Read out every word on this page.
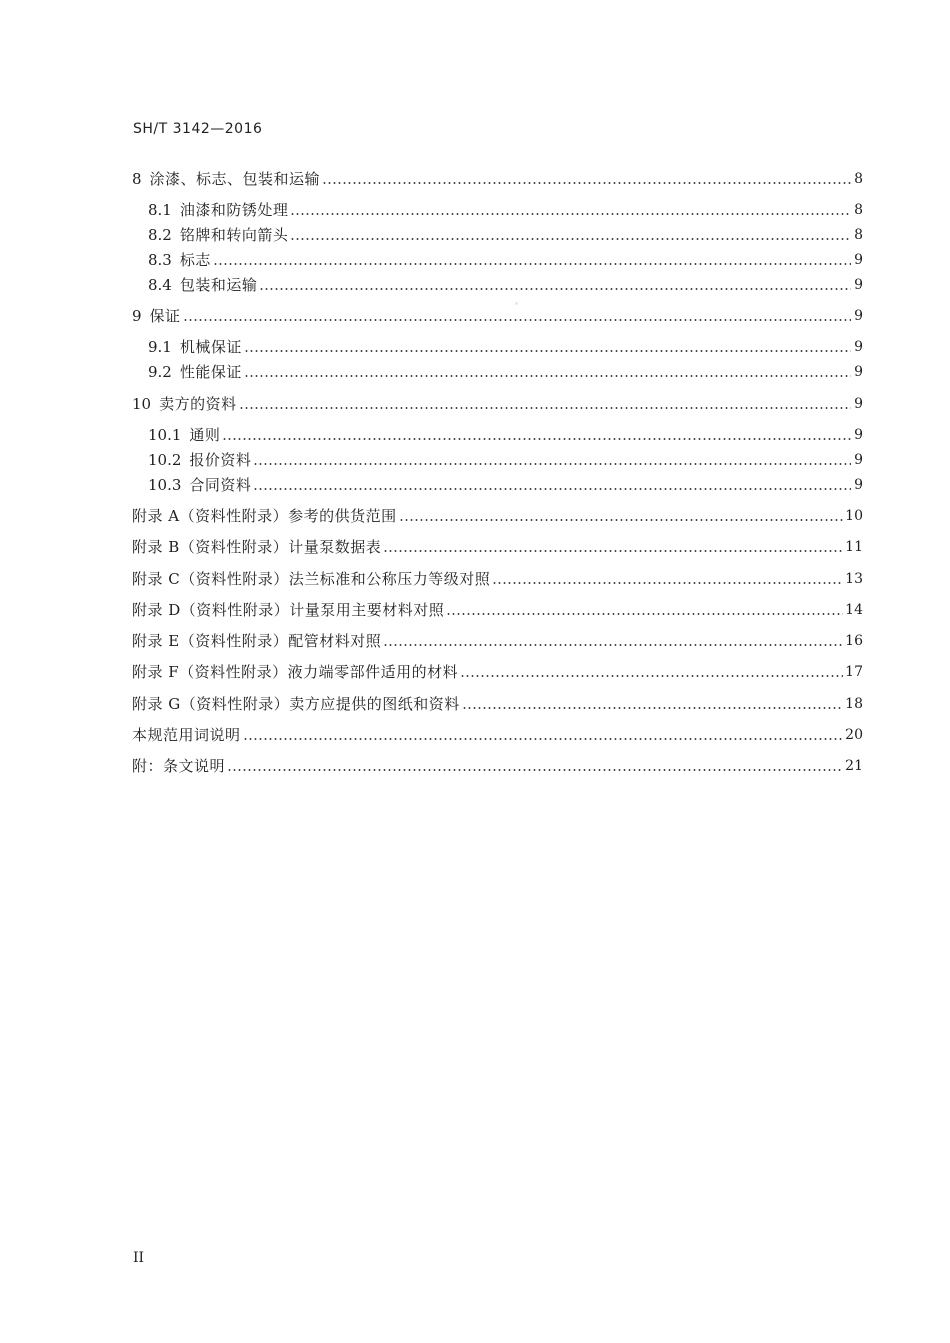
SH/T 3142—2016
8 涂漆、标志、包装和运输	8
8.1 油漆和防锈处理	8
8.2 铭牌和转向箭头	8
8.3 标志	9
8.4 包装和运输	9
9 保证	9
9.1 机械保证	9
9.2 性能保证	9
10 卖方的资料	9
10.1 通则	9
10.2 报价资料	9
10.3 合同资料	9
附录 A（资料性附录）参考的供货范围	10
附录 B（资料性附录）计量泵数据表	11
附录 C（资料性附录）法兰标准和公称压力等级对照	13
附录 D（资料性附录）计量泵用主要材料对照	14
附录 E（资料性附录）配管材料对照	16
附录 F（资料性附录）液力端零部件适用的材料	17
附录 G（资料性附录）卖方应提供的图纸和资料	18
本规范用词说明	20
附：条文说明	21
II
